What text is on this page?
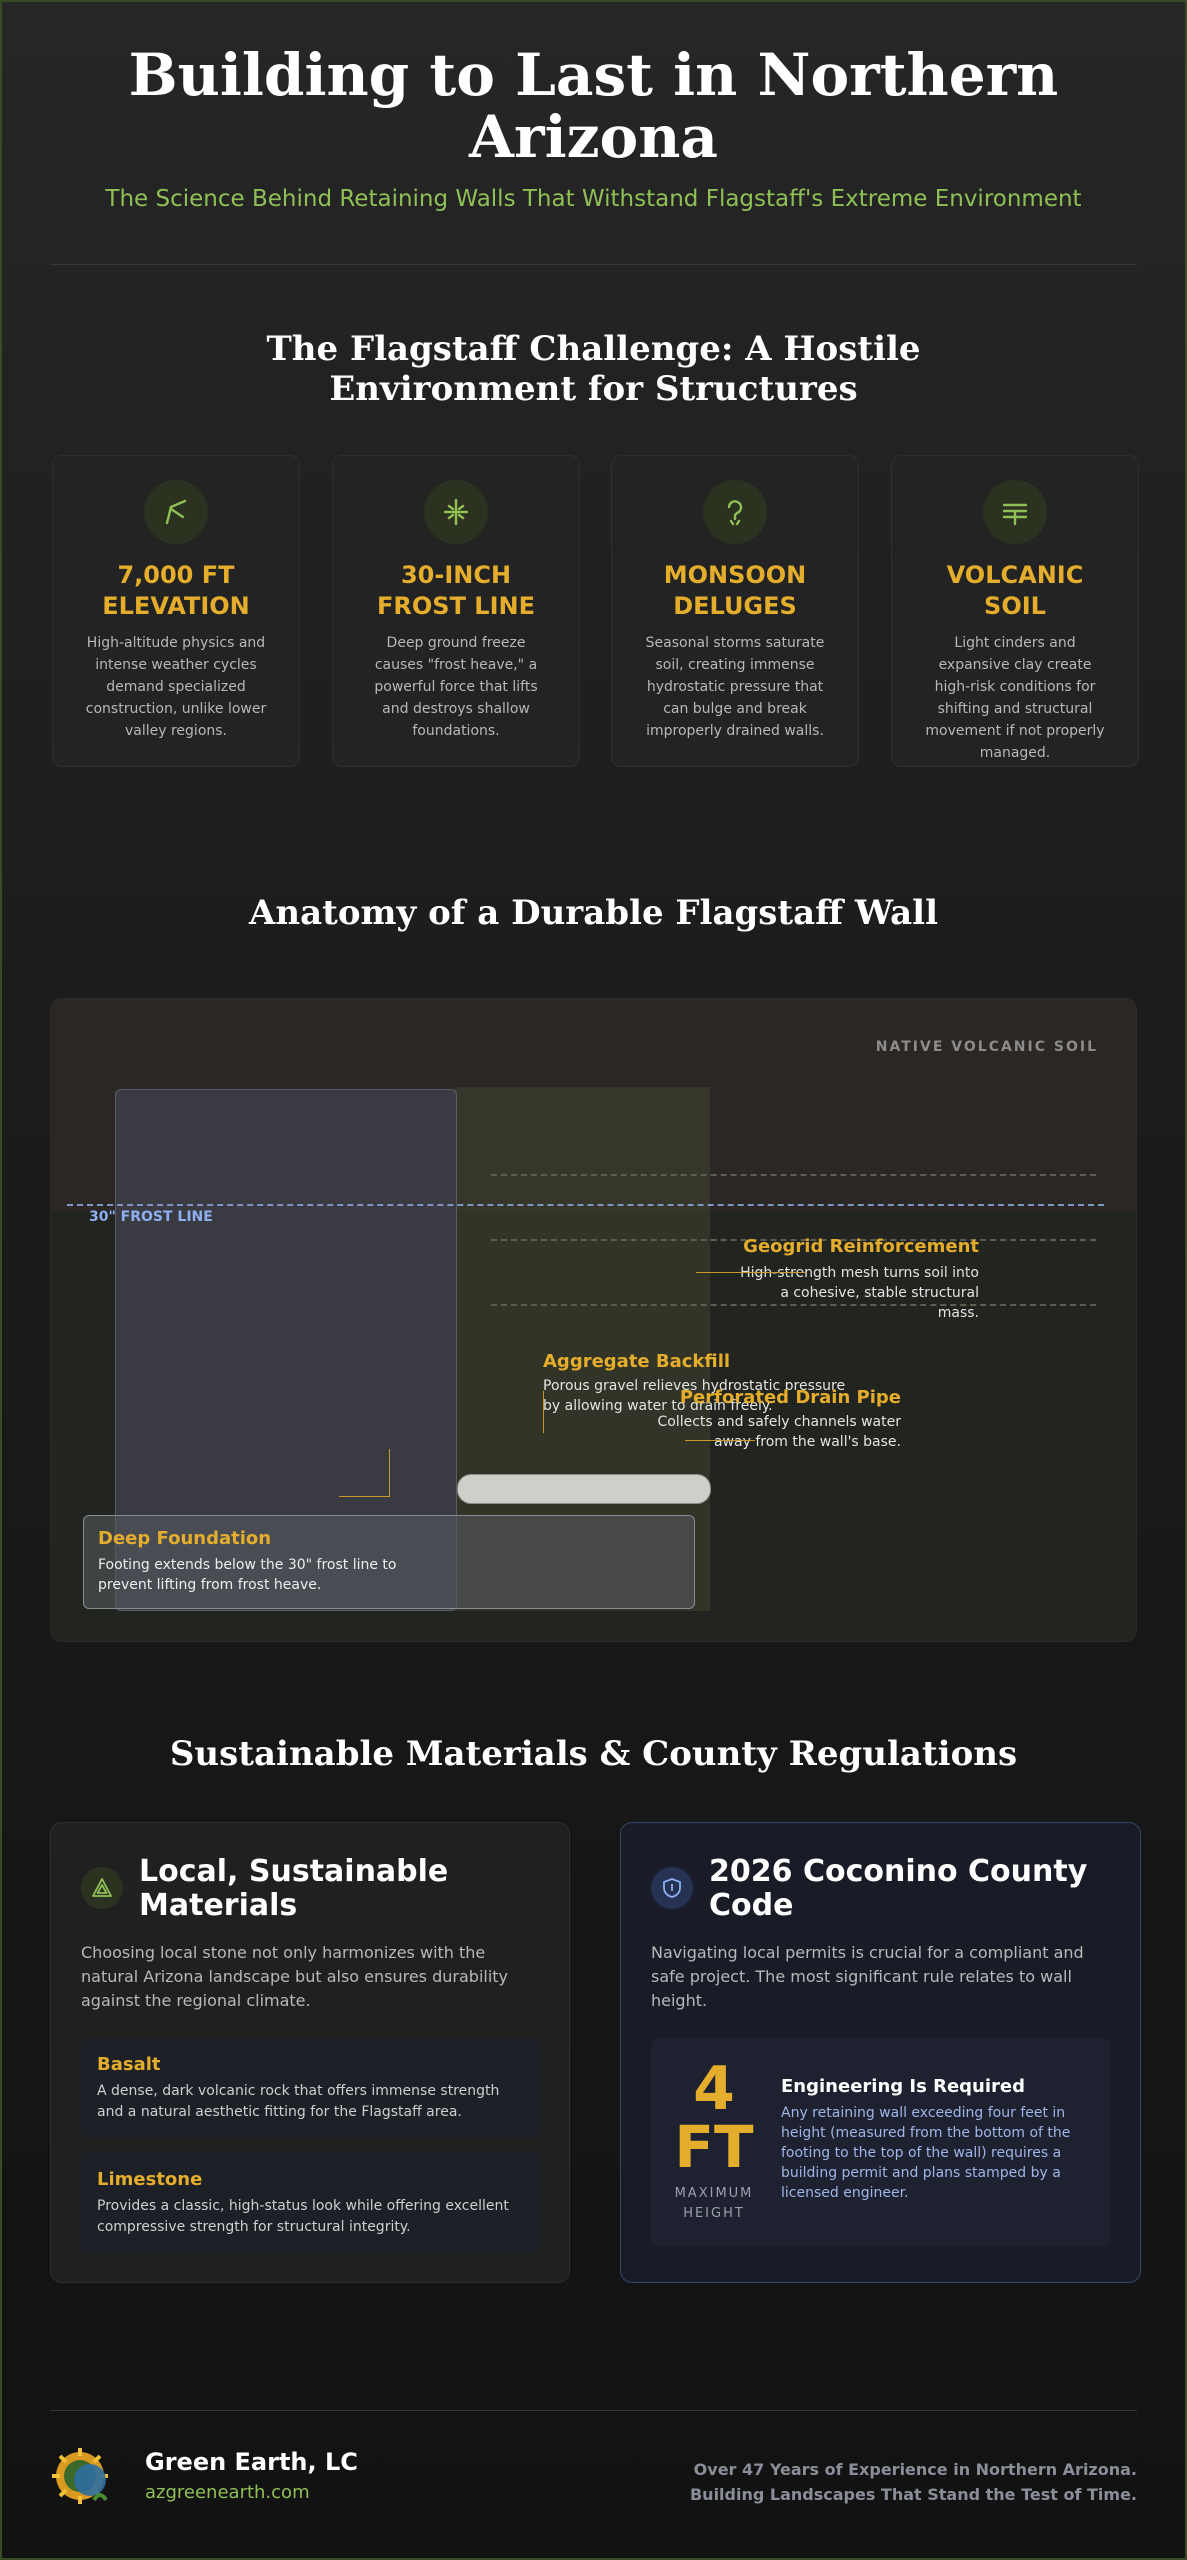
Building to Last in Northern Arizona
The Science Behind Retaining Walls That Withstand Flagstaff's Extreme Environment
The Flagstaff Challenge: A Hostile Environment for Structures
7,000 FT ELEVATION
High-altitude physics and intense weather cycles demand specialized construction, unlike lower valley regions.
30-INCH FROST LINE
Deep ground freeze causes "frost heave," a powerful force that lifts and destroys shallow foundations.
MONSOON DELUGES
Seasonal storms saturate soil, creating immense hydrostatic pressure that can bulge and break improperly drained walls.
VOLCANIC SOIL
Light cinders and expansive clay create high-risk conditions for shifting and structural movement if not properly managed.
Anatomy of a Durable Flagstaff Wall
NATIVE VOLCANIC SOIL
30" FROST LINE
Geogrid Reinforcement
High-strength mesh turns soil into a cohesive, stable structural mass.
Aggregate Backfill
Porous gravel relieves hydrostatic pressure by allowing water to drain freely.
Perforated Drain Pipe
Collects and safely channels water away from the wall's base.
Deep Foundation
Footing extends below the 30" frost line to prevent lifting from frost heave.
Sustainable Materials & County Regulations
Local, Sustainable Materials
Choosing local stone not only harmonizes with the natural Arizona landscape but also ensures durability against the regional climate.
Basalt
A dense, dark volcanic rock that offers immense strength and a natural aesthetic fitting for the Flagstaff area.
Limestone
Provides a classic, high-status look while offering excellent compressive strength for structural integrity.
2026 Coconino County Code
Navigating local permits is crucial for a compliant and safe project. The most significant rule relates to wall height.
4
FT
MAXIMUM HEIGHT
Engineering Is Required
Any retaining wall exceeding four feet in height (measured from the bottom of the footing to the top of the wall) requires a building permit and plans stamped by a licensed engineer.
Green Earth, LC
azgreenearth.com
Over 47 Years of Experience in Northern Arizona.
Building Landscapes That Stand the Test of Time.
